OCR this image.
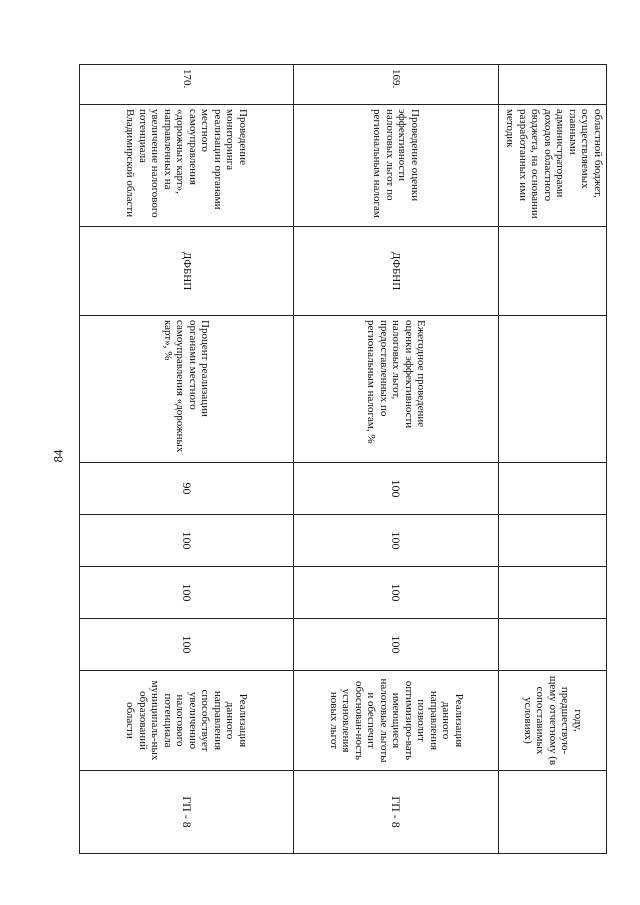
84
	областной бюджет, осуществляемых главными администраторами доходов областного бюджета, на основании разработанных ими методик							году, предшествую-щему отчетному (в сопоставимых условиях)	
169.	Проведение оценки эффективности налоговых льгот по региональным налогам	ДФБНП	Ежегодное проведение оценки эффективности налоговых льгот, предоставленных по региональным налогам, %	100	100	100	100	Реализация данного направления позволит оптимизиро-вать имеющиеся налоговые льготы и обеспечит обоснован-ность установления новых льгот	ГП - 8
170.	Проведение мониторинга реализации органами местного самоуправления «дорожных карт», направленных на увеличение налогового потенциала Владимирской области	ДФБНП	Процент реализации органами местного самоуправления «дорожных карт», %	90	100	100	100	Реализация данного направления способствует увеличению налогового потенциала муниципаль-ных образований области	ГП - 8
